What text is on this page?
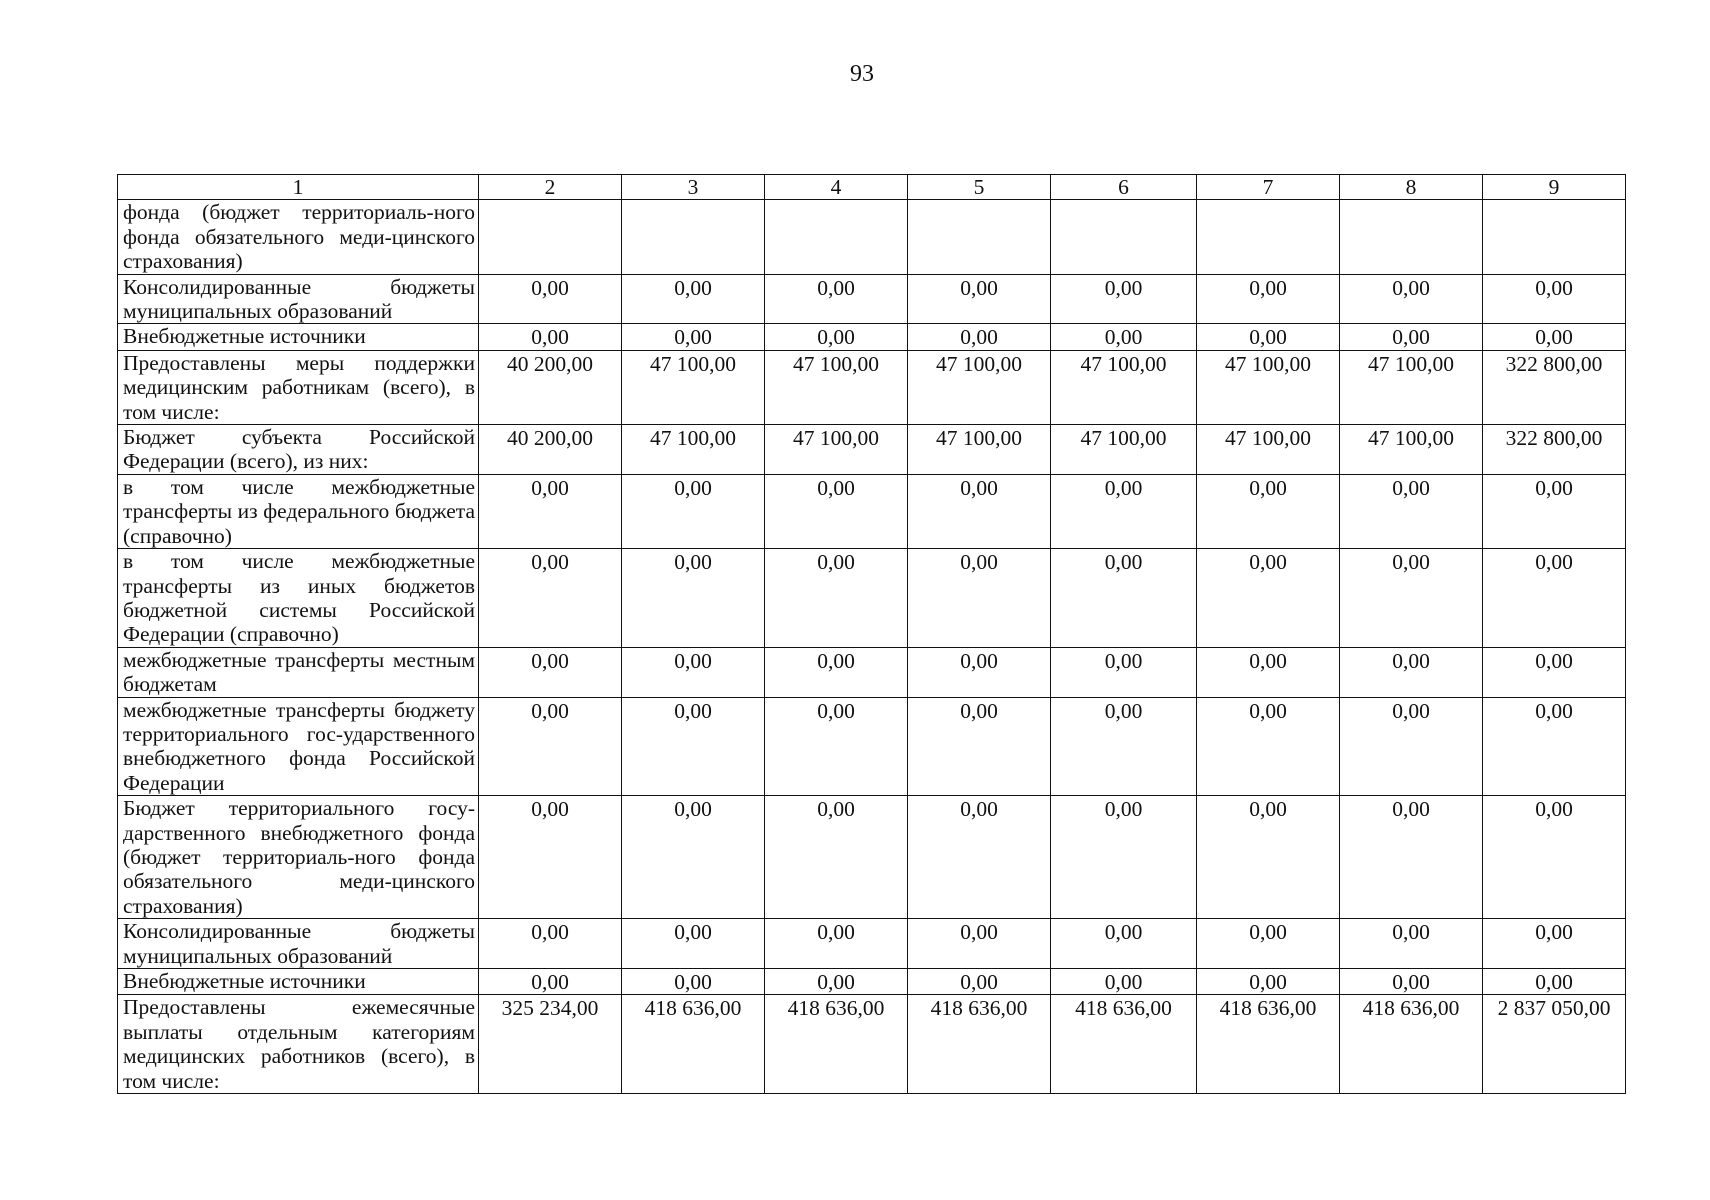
93
1	2	3	4	5	6	7	8	9
фонда (бюджет территориаль-ного фонда обязательного меди-цинского страхования)								
Консолидированные бюджеты муниципальных образований	0,00	0,00	0,00	0,00	0,00	0,00	0,00	0,00
Внебюджетные источники	0,00	0,00	0,00	0,00	0,00	0,00	0,00	0,00
Предоставлены меры поддержки медицинским работникам (всего), в том числе:	40 200,00	47 100,00	47 100,00	47 100,00	47 100,00	47 100,00	47 100,00	322 800,00
Бюджет субъекта Российской Федерации (всего), из них:	40 200,00	47 100,00	47 100,00	47 100,00	47 100,00	47 100,00	47 100,00	322 800,00
в том числе межбюджетные трансферты из федерального бюджета (справочно)	0,00	0,00	0,00	0,00	0,00	0,00	0,00	0,00
в том числе межбюджетные трансферты из иных бюджетов бюджетной системы Российской Федерации (справочно)	0,00	0,00	0,00	0,00	0,00	0,00	0,00	0,00
межбюджетные трансферты местным бюджетам	0,00	0,00	0,00	0,00	0,00	0,00	0,00	0,00
межбюджетные трансферты бюджету территориального гос-ударственного внебюджетного фонда Российской Федерации	0,00	0,00	0,00	0,00	0,00	0,00	0,00	0,00
Бюджет территориального госу-дарственного внебюджетного фонда (бюджет территориаль-ного фонда обязательного меди-цинского страхования)	0,00	0,00	0,00	0,00	0,00	0,00	0,00	0,00
Консолидированные бюджеты муниципальных образований	0,00	0,00	0,00	0,00	0,00	0,00	0,00	0,00
Внебюджетные источники	0,00	0,00	0,00	0,00	0,00	0,00	0,00	0,00
Предоставлены ежемесячные выплаты отдельным категориям медицинских работников (всего), в том числе:	325 234,00	418 636,00	418 636,00	418 636,00	418 636,00	418 636,00	418 636,00	2 837 050,00
